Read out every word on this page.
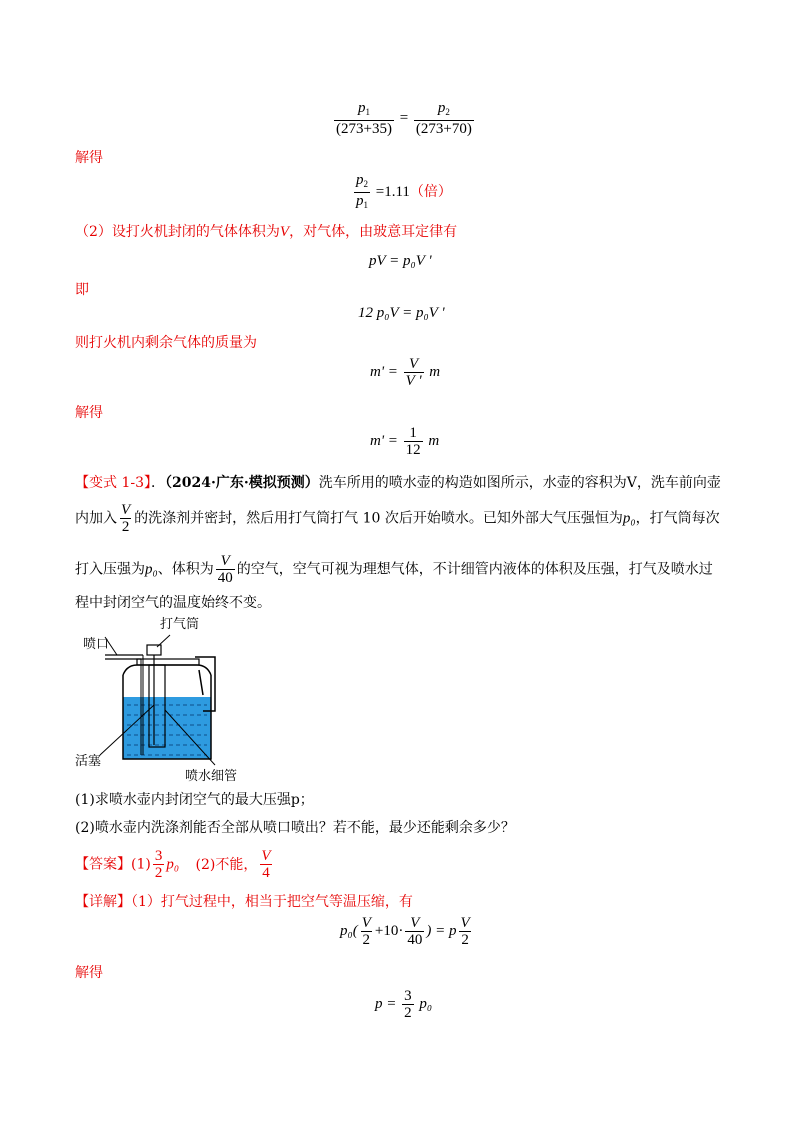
$\frac{p_1}{(273+35)} = \frac{p_2}{(273+70)}$
解得
$\frac{p_2}{p_1} =1.11$（倍）
（2）设打火机封闭的气体体积为V，对气体，由玻意耳定律有
pV = p₀V '
即
12 p₀V = p₀V '
则打火机内剩余气体的质量为
$m' = \frac{V}{V '}$ m
解得
$m' = \frac{1}{12}$ m
【变式 1-3】．（2024·广东·模拟预测）洗车所用的喷水壶的构造如图所示，水壶的容积为V，洗车前向壶
内加入 $\frac{V}{2}$ 的洗涤剂并密封，然后用打气筒打气 10 次后开始喷水。已知外部大气压强恒为p₀，打气筒每次
打入压强为p₀、体积为 $\frac{V}{40}$ 的空气，空气可视为理想气体，不计细管内液体的体积及压强，打气及喷水过
程中封闭空气的温度始终不变。
打气筒
喷口
活塞
喷水细管
(1)求喷水壶内封闭空气的最大压强p；
(2)喷水壶内洗涤剂能否全部从喷口喷出？若不能，最少还能剩余多少？
【答案】$(1) \frac{3}{2} p_0$ (2)不能， $\frac{V}{4}$
【详解】（1）打气过程中，相当于把空气等温压缩，有
$p_0( \frac{V}{2} +10\cdot \frac{V}{40}$ ) = p $\frac{V}{2}$
解得
$p = \frac{3}{2} p_0$
